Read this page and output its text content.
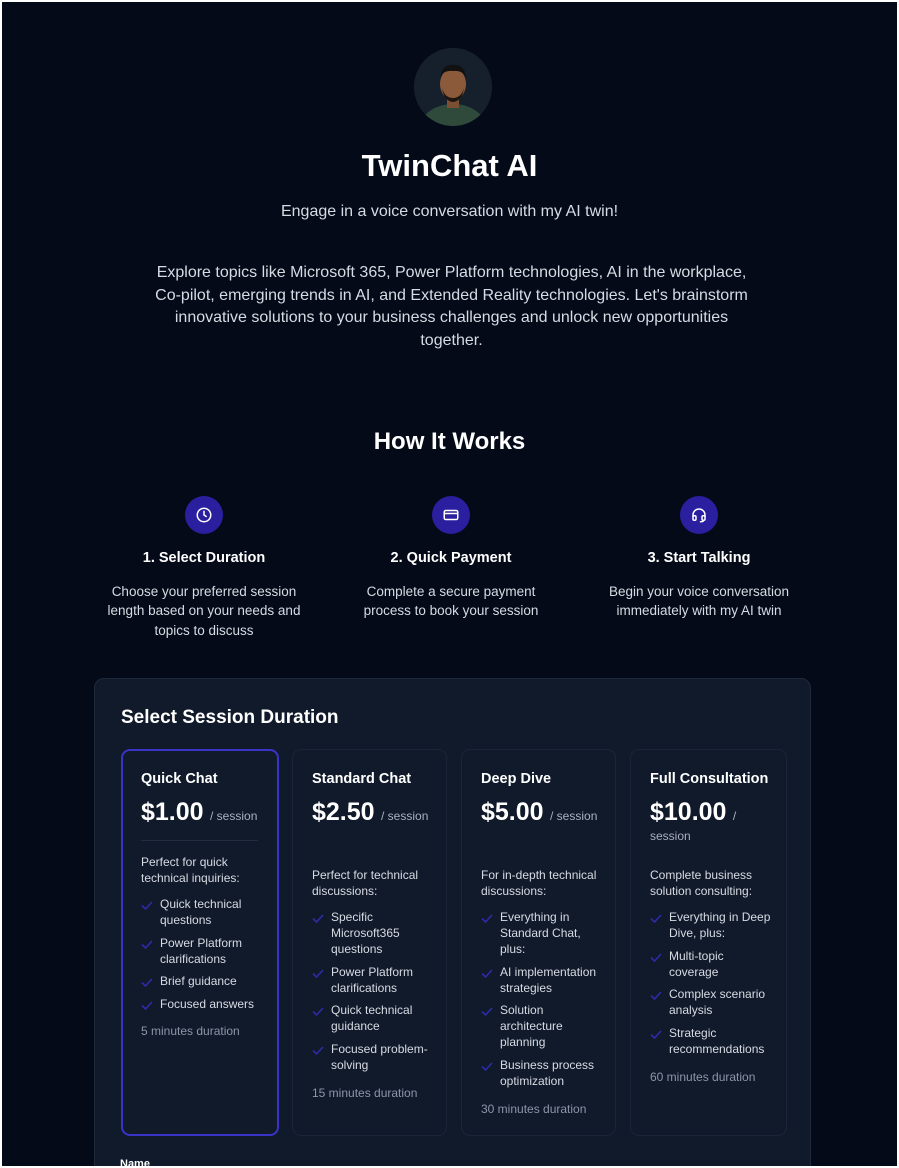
TwinChat AI
Engage in a voice conversation with my AI twin!
Explore topics like Microsoft 365, Power Platform technologies, AI in the workplace, Co-pilot, emerging trends in AI, and Extended Reality technologies. Let's brainstorm innovative solutions to your business challenges and unlock new opportunities together.
How It Works
1. Select Duration
Choose your preferred session length based on your needs and topics to discuss
2. Quick Payment
Complete a secure payment process to book your session
3. Start Talking
Begin your voice conversation immediately with my AI twin
Select Session Duration
Quick Chat
$1.00 / session
Perfect for quick technical inquiries:
Quick technical questions
Power Platform clarifications
Brief guidance
Focused answers
5 minutes duration
Standard Chat
$2.50 / session
Perfect for technical discussions:
Specific Microsoft365 questions
Power Platform clarifications
Quick technical guidance
Focused problem-solving
15 minutes duration
Deep Dive
$5.00 / session
For in-depth technical discussions:
Everything in Standard Chat, plus:
AI implementation strategies
Solution architecture planning
Business process optimization
30 minutes duration
Full Consultation
$10.00 / session
Complete business solution consulting:
Everything in Deep Dive, plus:
Multi-topic coverage
Complex scenario analysis
Strategic recommendations
60 minutes duration
Name
